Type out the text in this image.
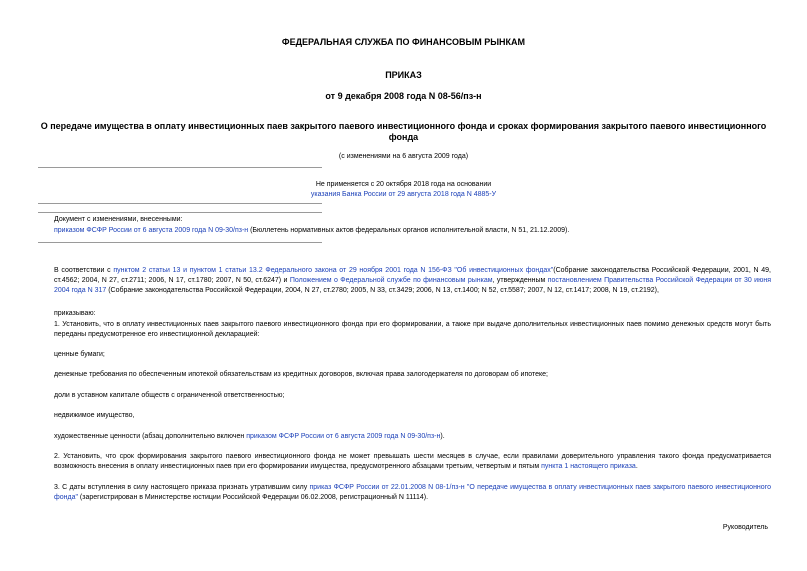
ФЕДЕРАЛЬНАЯ СЛУЖБА ПО ФИНАНСОВЫМ РЫНКАМ
ПРИКАЗ
от 9 декабря 2008 года N 08-56/пз-н
О передаче имущества в оплату инвестиционных паев закрытого паевого инвестиционного фонда и сроках формирования закрытого паевого инвестиционного фонда
(с изменениями на 6 августа 2009 года)
Не применяется с 20 октября 2018 года на основании
указания Банка России от 29 августа 2018 года N 4885-У
Документ с изменениями, внесенными:
приказом ФСФР России от 6 августа 2009 года N 09-30/пз-н (Бюллетень нормативных актов федеральных органов исполнительной власти, N 51, 21.12.2009).
В соответствии с пунктом 2 статьи 13 и пунктом 1 статьи 13.2 Федерального закона от 29 ноября 2001 года N 156-ФЗ "Об инвестиционных фондах"(Собрание законодательства Российской Федерации, 2001, N 49, ст.4562; 2004, N 27, ст.2711; 2006, N 17, ст.1780; 2007, N 50, ст.6247) и Положением о Федеральной службе по финансовым рынкам, утвержденным постановлением Правительства Российской Федерации от 30 июня 2004 года N 317 (Собрание законодательства Российской Федерации, 2004, N 27, ст.2780; 2005, N 33, ст.3429; 2006, N 13, ст.1400; N 52, ст.5587; 2007, N 12, ст.1417; 2008, N 19, ст.2192),
приказываю:
1. Установить, что в оплату инвестиционных паев закрытого паевого инвестиционного фонда при его формировании, а также при выдаче дополнительных инвестиционных паев помимо денежных средств могут быть переданы предусмотренное его инвестиционной декларацией:
ценные бумаги;
денежные требования по обеспеченным ипотекой обязательствам из кредитных договоров, включая права залогодержателя по договорам об ипотеке;
доли в уставном капитале обществ с ограниченной ответственностью;
недвижимое имущество,
художественные ценности (абзац дополнительно включен приказом ФСФР России от 6 августа 2009 года N 09-30/пз-н).
2. Установить, что срок формирования закрытого паевого инвестиционного фонда не может превышать шести месяцев в случае, если правилами доверительного управления такого фонда предусматривается возможность внесения в оплату инвестиционных паев при его формировании имущества, предусмотренного абзацами третьим, четвертым и пятым пункта 1 настоящего приказа.
3. С даты вступления в силу настоящего приказа признать утратившим силу приказ ФСФР России от 22.01.2008 N 08-1/пз-н "О передаче имущества в оплату инвестиционных паев закрытого паевого инвестиционного фонда" (зарегистрирован в Министерстве юстиции Российской Федерации 06.02.2008, регистрационный N 11114).
Руководитель
